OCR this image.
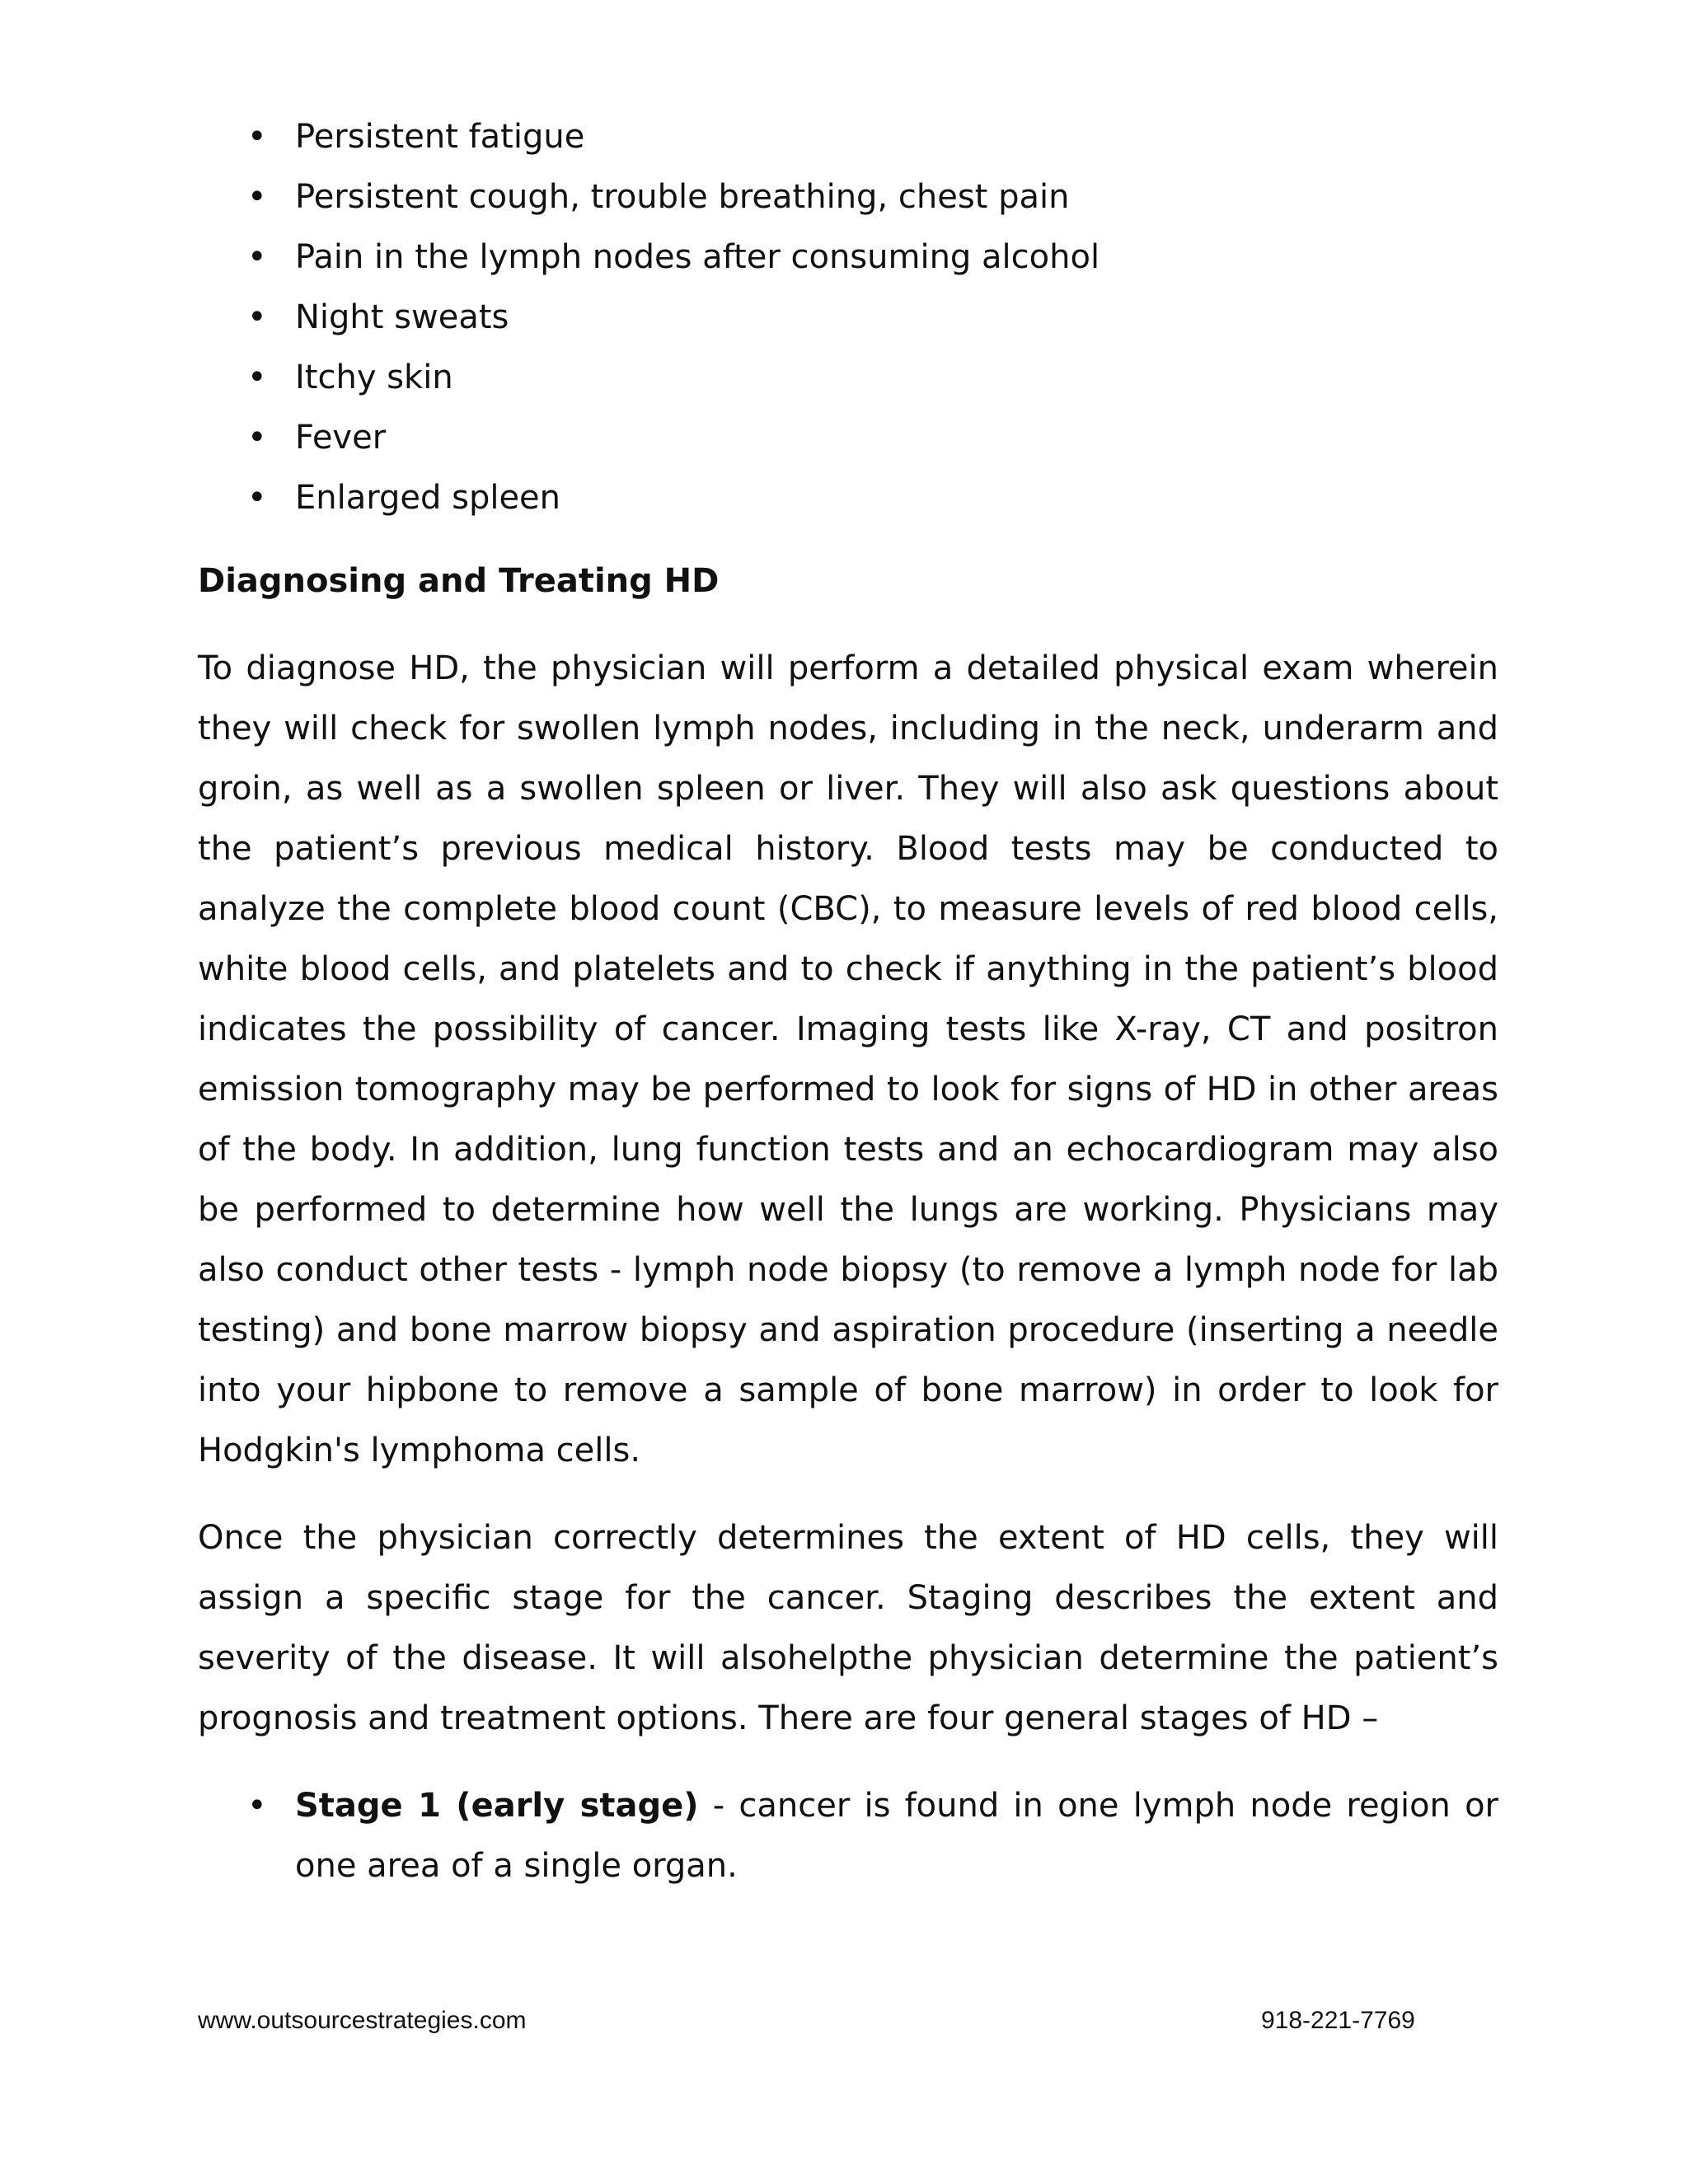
• Persistent fatigue
• Persistent cough, trouble breathing, chest pain
• Pain in the lymph nodes after consuming alcohol
• Night sweats
• Itchy skin
• Fever
• Enlarged spleen
Diagnosing and Treating HD

To diagnose HD, the physician will perform a detailed physical exam wherein they will check for swollen lymph nodes, including in the neck, underarm and groin, as well as a swollen spleen or liver. They will also ask questions about the patient’s previous medical history. Blood tests may be conducted to analyze the complete blood count (CBC), to measure levels of red blood cells, white blood cells, and platelets and to check if anything in the patient’s blood indicates the possibility of cancer. Imaging tests like X-ray, CT and positron emission tomography may be performed to look for signs of HD in other areas of the body. In addition, lung function tests and an echocardiogram may also be performed to determine how well the lungs are working. Physicians may also conduct other tests - lymph node biopsy (to remove a lymph node for lab testing) and bone marrow biopsy and aspiration procedure (inserting a needle into your hipbone to remove a sample of bone marrow) in order to look for Hodgkin's lymphoma cells.

Once the physician correctly determines the extent of HD cells, they will assign a specific stage for the cancer. Staging describes the extent and severity of the disease. It will alsohelpthe physician determine the patient’s prognosis and treatment options. There are four general stages of HD –

• Stage 1 (early stage) - cancer is found in one lymph node region or one area of a single organ.
www.outsourcestrategies.com	918-221-7769
